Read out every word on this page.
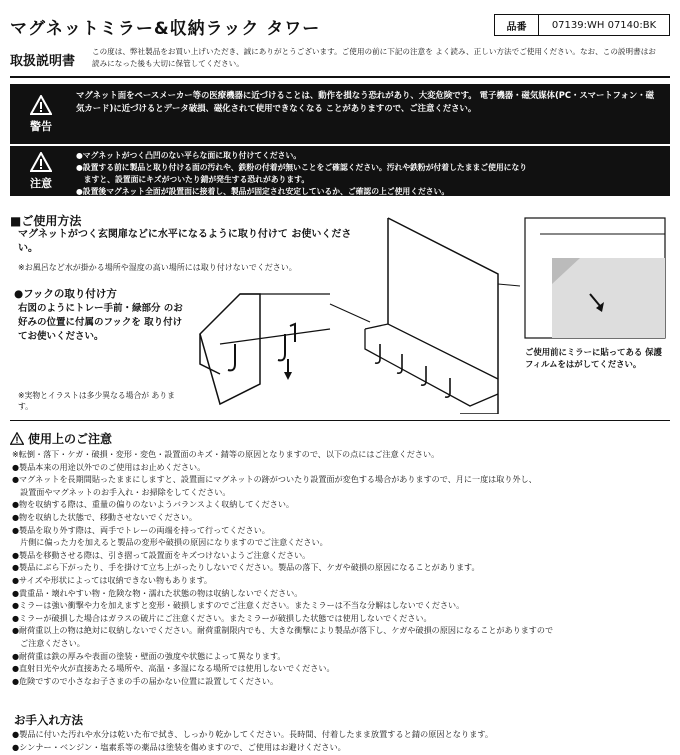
マグネットミラー&収納ラック タワー	品番	07139:WH 07140:BK
取扱説明書
この度は、弊社製品をお買い上げいただき、誠にありがとうございます。ご使用の前に下記の注意を よく読み、正しい方法でご使用ください。なお、この説明書はお読みになった後も大切に保管してください。
警告
マグネット面をペースメーカー等の医療機器に近づけることは、動作を損なう恐れがあり、大変危険です。 電子機器・磁気媒体(PC・スマートフォン・磁気カード)に近づけるとデータ破損、磁化されて使用できなくなる ことがありますので、ご注意ください。
注意
●マグネットがつく凸凹のない平らな面に取り付けてください。
●設置する前に製品と取り付ける面の汚れや、鉄粉の付着が無いことをご確認ください。汚れや鉄粉が付着したままご使用になり
　ますと、設置面にキズがついたり錆が発生する恐れがあります。
●設置後マグネット全面が設置面に接着し、製品が固定され安定しているか、ご確認の上ご使用ください。
■ご使用方法
マグネットがつく玄関扉などに水平になるように取り付けて お使いください。
※お風呂など水が掛かる場所や湿度の高い場所には取り付けないでください。
●フックの取り付け方
右図のようにトレー手前・緑部分 のお好みの位置に付属のフックを 取り付けてお使いください。
※実物とイラストは多少異なる場合が あります。
ご使用前にミラーに貼ってある 保護フィルムをはがしてください。
使用上のご注意
※転倒・落下・ケガ・破損・変形・変色・設置面のキズ・錆等の原因となりますので、以下の点にはご注意ください。
●製品本来の用途以外でのご使用はお止めください。
●マグネットを長期間貼ったままにしますと、設置面にマグネットの跡がついたり設置面が変色する場合がありますので、月に一度は取り外し、
　設置面やマグネットのお手入れ・お掃除をしてください。
●物を収納する際は、重量の偏りのないようバランスよく収納してください。
●物を収納した状態で、移動させないでください。
●製品を取り外す際は、両手でトレーの両端を持って行ってください。
　片側に偏った力を加えると製品の変形や破損の原因になりますのでご注意ください。
●製品を移動させる際は、引き摺って設置面をキズつけないようご注意ください。
●製品にぶら下がったり、手を掛けて立ち上がったりしないでください。製品の落下、ケガや破損の原因になることがあります。
●サイズや形状によっては収納できない物もあります。
●貴重品・壊れやすい物・危険な物・濡れた状態の物は収納しないでください。
●ミラーは強い衝撃や力を加えますと変形・破損しますのでご注意ください。またミラーは不当な分解はしないでください。
●ミラーが破損した場合はガラスの破片にご注意ください。またミラーが破損した状態では使用しないでください。
●耐荷重以上の物は絶対に収納しないでください。耐荷重制限内でも、大きな衝撃により製品が落下し、ケガや破損の原因になることがありますので
　ご注意ください。
●耐荷重は鉄の厚みや表面の塗装・壁面の強度や状態によって異なります。
●直射日光や火が直接あたる場所や、高温・多湿になる場所では使用しないでください。
●危険ですので小さなお子さまの手の届かない位置に設置してください。
お手入れ方法
●製品に付いた汚れや水分は乾いた布で拭き、しっかり乾かしてください。長時間、付着したまま放置すると錆の原因となります。
●シンナー・ベンジン・塩素系等の薬品は塗装を傷めますので、ご使用はお避けください。
